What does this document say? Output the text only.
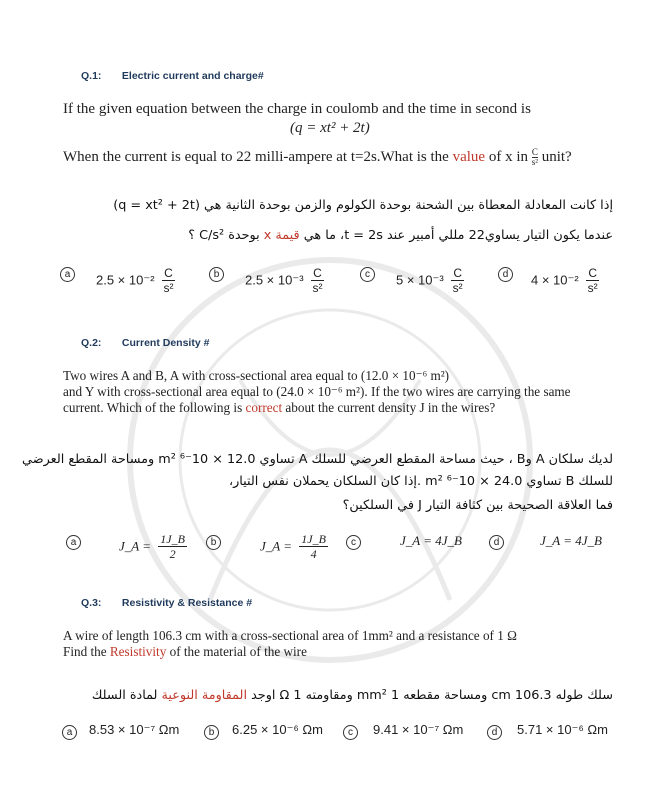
Q.1: Electric current and charge#
If the given equation between the charge in coulomb and the time in second is
(q = xt² + 2t)
When the current is equal to 22 milli-ampere at t=2s.What is the value of x in $\frac{C}{\text{s²}}$ unit?
إذا كانت المعادلة المعطاة بين الشحنة بوحدة الكولوم والزمن بوحدة الثانية هي (q = xt² + 2t)
عندما يكون التيار يساوي22 مللي أمبير عند t = 2s، ما هي قيمة x بوحدة C/s² ؟
a	$2.5 \times 10^{-2} \frac{C}{\text{s²}}$	b	$2.5 \times 10^{-3} \frac{C}{\text{s²}}$	c	$5 \times 10^{-3} \frac{C}{\text{s²}}$	d	$4 \times 10^{-2} \frac{C}{\text{s²}}$
Q.2: Current Density #
Two wires A and B, A with cross-sectional area equal to (12.0 × 10⁻⁶ m²)
and Y with cross-sectional area equal to (24.0 × 10⁻⁶ m²). If the two wires are carrying the same
current. Which of the following is correct about the current density J in the wires?
لديك سلكان A وB ، حيث مساحة المقطع العرضي للسلك A تساوي 12.0 × 10⁻⁶ m² ومساحة المقطع العرضي
للسلك B تساوي 24.0 × 10⁻⁶ m² .إذا كان السلكان يحملان نفس التيار،
فما العلاقة الصحيحة بين كثافة التيار J في السلكين؟
a	J_A = $\frac{1J\_B}{2}$	b	J_A = $\frac{1J\_B}{4}$	c	J_A = 4J_B	d	J_A = 4J_B
Q.3: Resistivity & Resistance #
A wire of length 106.3 cm with a cross-sectional area of 1mm² and a resistance of 1 Ω
Find the Resistivity of the material of the wire
سلك طوله 106.3 cm ومساحة مقطعه 1 mm² ومقاومته 1 Ω اوجد المقاومة النوعية لمادة السلك
a	8.53 × 10⁻⁷ Ωm	b	6.25 × 10⁻⁶ Ωm	c	9.41 × 10⁻⁷ Ωm	d	5.71 × 10⁻⁶ Ωm
